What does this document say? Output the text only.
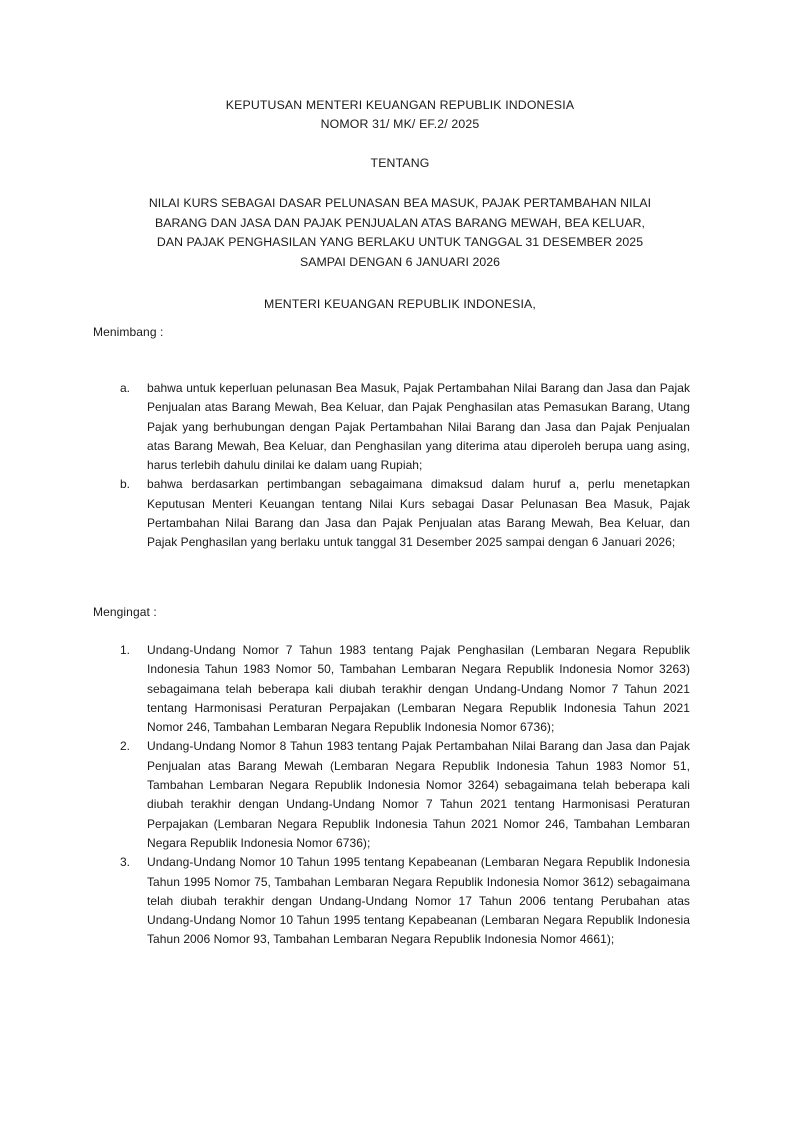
KEPUTUSAN MENTERI KEUANGAN REPUBLIK INDONESIA
NOMOR 31/ MK/ EF.2/ 2025
TENTANG
NILAI KURS SEBAGAI DASAR PELUNASAN BEA MASUK, PAJAK PERTAMBAHAN NILAI
BARANG DAN JASA DAN PAJAK PENJUALAN ATAS BARANG MEWAH, BEA KELUAR,
DAN PAJAK PENGHASILAN YANG BERLAKU UNTUK TANGGAL 31 DESEMBER 2025
SAMPAI DENGAN 6 JANUARI 2026
MENTERI KEUANGAN REPUBLIK INDONESIA,
Menimbang :
a.	bahwa untuk keperluan pelunasan Bea Masuk, Pajak Pertambahan Nilai Barang dan Jasa dan Pajak Penjualan atas Barang Mewah, Bea Keluar, dan Pajak Penghasilan atas Pemasukan Barang, Utang Pajak yang berhubungan dengan Pajak Pertambahan Nilai Barang dan Jasa dan Pajak Penjualan atas Barang Mewah, Bea Keluar, dan Penghasilan yang diterima atau diperoleh berupa uang asing, harus terlebih dahulu dinilai ke dalam uang Rupiah;
b.	bahwa berdasarkan pertimbangan sebagaimana dimaksud dalam huruf a, perlu menetapkan Keputusan Menteri Keuangan tentang Nilai Kurs sebagai Dasar Pelunasan Bea Masuk, Pajak Pertambahan Nilai Barang dan Jasa dan Pajak Penjualan atas Barang Mewah, Bea Keluar, dan Pajak Penghasilan yang berlaku untuk tanggal 31 Desember 2025 sampai dengan 6 Januari 2026;
Mengingat :
1.	Undang-Undang Nomor 7 Tahun 1983 tentang Pajak Penghasilan (Lembaran Negara Republik Indonesia Tahun 1983 Nomor 50, Tambahan Lembaran Negara Republik Indonesia Nomor 3263) sebagaimana telah beberapa kali diubah terakhir dengan Undang-Undang Nomor 7 Tahun 2021 tentang Harmonisasi Peraturan Perpajakan (Lembaran Negara Republik Indonesia Tahun 2021 Nomor 246, Tambahan Lembaran Negara Republik Indonesia Nomor 6736);
2.	Undang-Undang Nomor 8 Tahun 1983 tentang Pajak Pertambahan Nilai Barang dan Jasa dan Pajak Penjualan atas Barang Mewah (Lembaran Negara Republik Indonesia Tahun 1983 Nomor 51, Tambahan Lembaran Negara Republik Indonesia Nomor 3264) sebagaimana telah beberapa kali diubah terakhir dengan Undang-Undang Nomor 7 Tahun 2021 tentang Harmonisasi Peraturan Perpajakan (Lembaran Negara Republik Indonesia Tahun 2021 Nomor 246, Tambahan Lembaran Negara Republik Indonesia Nomor 6736);
3.	Undang-Undang Nomor 10 Tahun 1995 tentang Kepabeanan (Lembaran Negara Republik Indonesia Tahun 1995 Nomor 75, Tambahan Lembaran Negara Republik Indonesia Nomor 3612) sebagaimana telah diubah terakhir dengan Undang-Undang Nomor 17 Tahun 2006 tentang Perubahan atas Undang-Undang Nomor 10 Tahun 1995 tentang Kepabeanan (Lembaran Negara Republik Indonesia Tahun 2006 Nomor 93, Tambahan Lembaran Negara Republik Indonesia Nomor 4661);
